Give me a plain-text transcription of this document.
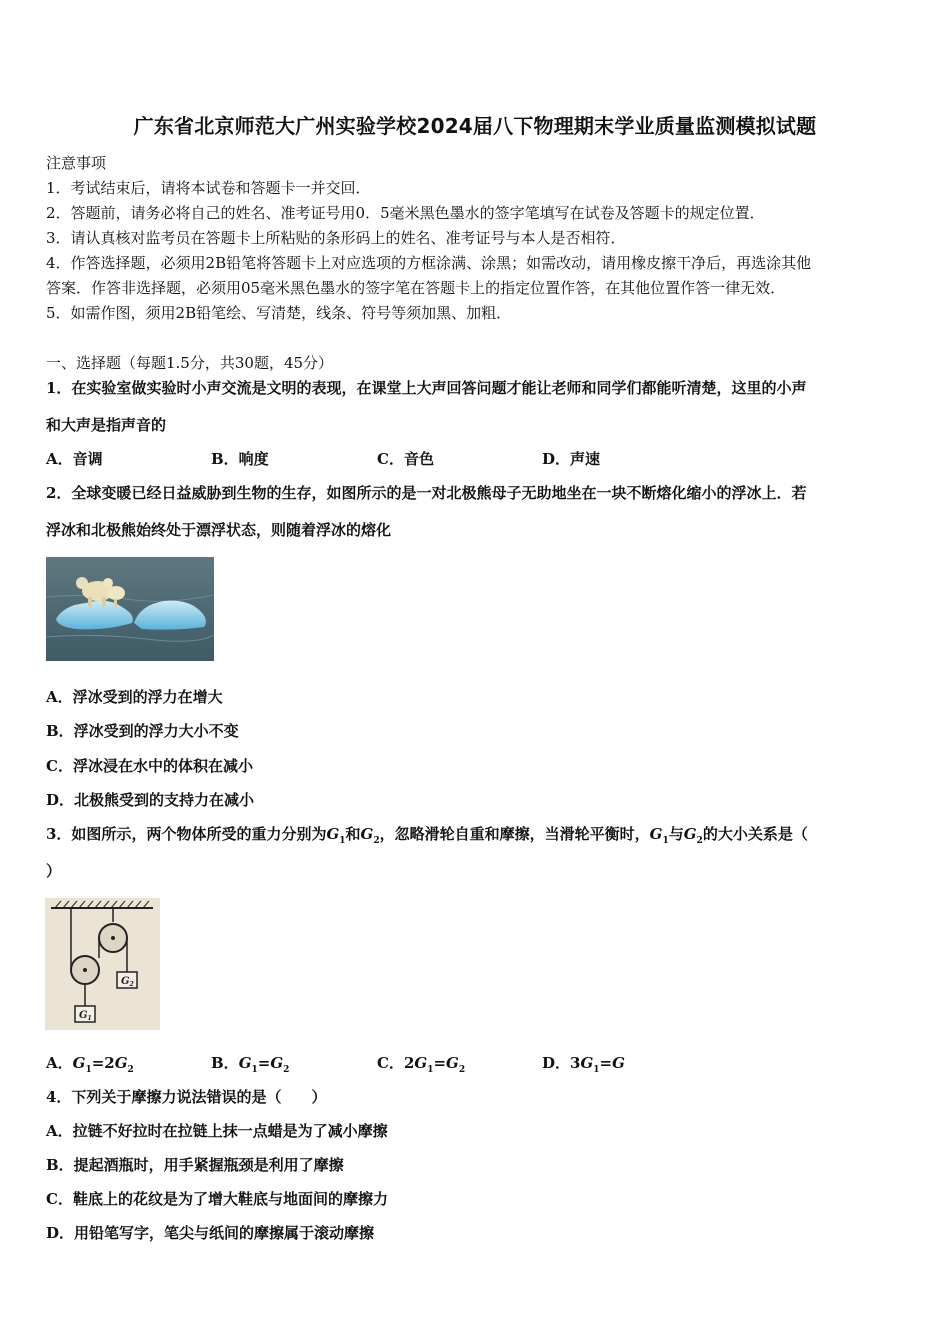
广东省北京师范大广州实验学校2024届八下物理期末学业质量监测模拟试题
注意事项
1．考试结束后，请将本试卷和答题卡一并交回．
2．答题前，请务必将自己的姓名、准考证号用0．5毫米黑色墨水的签字笔填写在试卷及答题卡的规定位置．
3．请认真核对监考员在答题卡上所粘贴的条形码上的姓名、准考证号与本人是否相符．
4．作答选择题，必须用2B铅笔将答题卡上对应选项的方框涂满、涂黑；如需改动，请用橡皮擦干净后，再选涂其他
答案．作答非选择题，必须用05毫米黑色墨水的签字笔在答题卡上的指定位置作答，在其他位置作答一律无效．
5．如需作图，须用2B铅笔绘、写清楚，线条、符号等须加黑、加粗．
一、选择题（每题1.5分，共30题，45分）
1．在实验室做实验时小声交流是文明的表现，在课堂上大声回答问题才能让老师和同学们都能听清楚，这里的小声
和大声是指声音的
A．音调	B．响度	C．音色	D．声速
2．全球变暖已经日益威胁到生物的生存，如图所示的是一对北极熊母子无助地坐在一块不断熔化缩小的浮冰上．若
浮冰和北极熊始终处于漂浮状态，则随着浮冰的熔化
A．浮冰受到的浮力在增大
B．浮冰受到的浮力大小不变
C．浮冰浸在水中的体积在减小
D．北极熊受到的支持力在减小
3．如图所示，两个物体所受的重力分别为$G_1$和$G_2$，忽略滑轮自重和摩擦，当滑轮平衡时，$G_1$与$G_2$的大小关系是（
）
$G_2$
$G_1$
A．$G_1=2G_2$	B．$G_1=G_2$	C．$2G_1=G_2$	D．$3G_1=G$
4．下列关于摩擦力说法错误的是（　　）
A．拉链不好拉时在拉链上抹一点蜡是为了减小摩擦
B．提起酒瓶时，用手紧握瓶颈是利用了摩擦
C．鞋底上的花纹是为了增大鞋底与地面间的摩擦力
D．用铅笔写字，笔尖与纸间的摩擦属于滚动摩擦
